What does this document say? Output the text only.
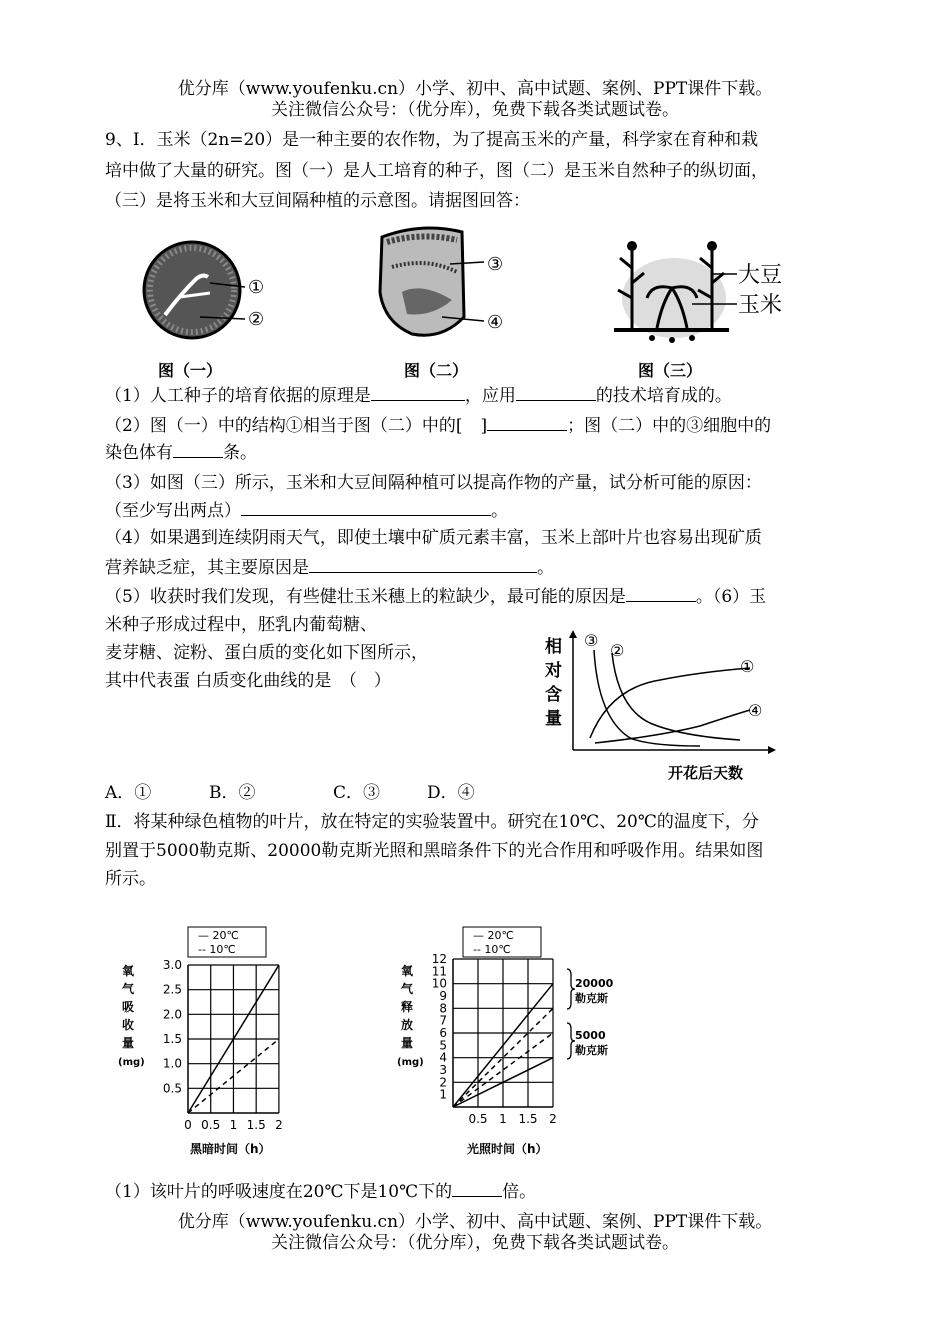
优分库（www.youfenku.cn）小学、初中、高中试题、案例、PPT课件下载。
关注微信公众号：（优分库），免费下载各类试题试卷。
9、Ⅰ．玉米（2n=20）是一种主要的农作物，为了提高玉米的产量，科学家在育种和栽
培中做了大量的研究。图（一）是人工培育的种子，图（二）是玉米自然种子的纵切面，
（三）是将玉米和大豆间隔种植的示意图。请据图回答：
①
②
③
④
大豆
玉米
图（一）	图（二）	图（三）
（1）人工种子的培育依据的原理是	，应用	的技术培育成的。
（2）图（一）中的结构①相当于图（二）中的[ ]	；图（二）中的③细胞中的
染色体有	条。
（3）如图（三）所示，玉米和大豆间隔种植可以提高作物的产量，试分析可能的原因：
（至少写出两点）	。
（4）如果遇到连续阴雨天气，即使土壤中矿质元素丰富，玉米上部叶片也容易出现矿质
营养缺乏症，其主要原因是	。
（5）收获时我们发现，有些健壮玉米穗上的粒缺少，最可能的原因是	。（6）玉
米种子形成过程中，胚乳内葡萄糖、
麦芽糖、淀粉、蛋白质的变化如下图所示，
其中代表蛋 白质变化曲线的是　（　）
相
对
含
量
③
②
①
④
开花后天数
A．①	B．②	C．③	D．④
Ⅱ．将某种绿色植物的叶片，放在特定的实验装置中。研究在10℃、20℃的温度下，分
别置于5000勒克斯、20000勒克斯光照和黑暗条件下的光合作用和呼吸作用。结果如图
所示。
— 20℃
-- 10℃
氧
气
吸
收
量
(mg)
0.5
1.0
1.5
2.0
2.5
3.0
0 0.5 1 1.5 2
黑暗时间（h）
— 20℃
-- 10℃
氧
气
释
放
量
(mg)
1
2
3
4
5
6
7
8
9
10
11
12
0.5 1 1.5 2
20000
勒克斯
5000
勒克斯
光照时间（h）
（1）该叶片的呼吸速度在20℃下是10℃下的	倍。
优分库（www.youfenku.cn）小学、初中、高中试题、案例、PPT课件下载。
关注微信公众号：（优分库），免费下载各类试题试卷。
